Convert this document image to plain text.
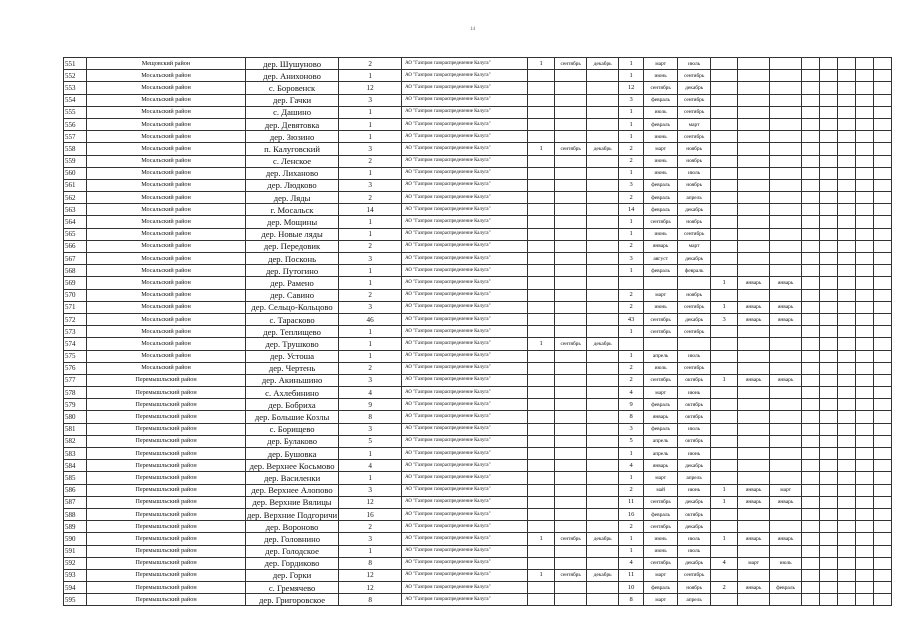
14
551	Мещовский район	дер. Шушуново	2	АО "Газпром газораспределение Калуга"	1	сентябрь	декабрь	1	март	июль								
552	Мосальский район	дер. Анихоново	1	АО "Газпром газораспределение Калуга"				1	июнь	сентябрь								
553	Мосальский район	с. Боровенск	12	АО "Газпром газораспределение Калуга"				12	сентябрь	декабрь								
554	Мосальский район	дер. Гачки	3	АО "Газпром газораспределение Калуга"				3	февраль	сентябрь								
555	Мосальский район	с. Дашино	1	АО "Газпром газораспределение Калуга"				1	июль	сентябрь								
556	Мосальский район	дер. Девятовка	1	АО "Газпром газораспределение Калуга"				1	февраль	март								
557	Мосальский район	дер. Зюзино	1	АО "Газпром газораспределение Калуга"				1	июнь	сентябрь								
558	Мосальский район	п. Калуговский	3	АО "Газпром газораспределение Калуга"	1	сентябрь	декабрь	2	март	ноябрь								
559	Мосальский район	с. Ленское	2	АО "Газпром газораспределение Калуга"				2	июнь	ноябрь								
560	Мосальский район	дер. Лиханово	1	АО "Газпром газораспределение Калуга"				1	июнь	июль								
561	Мосальский район	дер. Людково	3	АО "Газпром газораспределение Калуга"				3	февраль	ноябрь								
562	Мосальский район	дер. Ляды	2	АО "Газпром газораспределение Калуга"				2	февраль	апрель								
563	Мосальский район	г. Мосальск	14	АО "Газпром газораспределение Калуга"				14	февраль	декабрь								
564	Мосальский район	дер. Мощины	1	АО "Газпром газораспределение Калуга"				1	сентябрь	ноябрь								
565	Мосальский район	дер. Новые ляды	1	АО "Газпром газораспределение Калуга"				1	июнь	сентябрь								
566	Мосальский район	дер. Передовик	2	АО "Газпром газораспределение Калуга"				2	январь	март								
567	Мосальский район	дер. Посконь	3	АО "Газпром газораспределение Калуга"				3	август	декабрь								
568	Мосальский район	дер. Путогино	1	АО "Газпром газораспределение Калуга"				1	февраль	февраль								
569	Мосальский район	дер. Рамено	1	АО "Газпром газораспределение Калуга"							1	январь	январь					
570	Мосальский район	дер. Савино	2	АО "Газпром газораспределение Калуга"				2	март	ноябрь								
571	Мосальский район	дер. Сельцо-Кольцово	3	АО "Газпром газораспределение Калуга"				2	июнь	сентябрь	1	январь	январь					
572	Мосальский район	с. Тарасково	46	АО "Газпром газораспределение Калуга"				43	сентябрь	декабрь	3	январь	январь					
573	Мосальский район	дер. Теплищево	1	АО "Газпром газораспределение Калуга"				1	сентябрь	сентябрь								
574	Мосальский район	дер. Трушково	1	АО "Газпром газораспределение Калуга"	1	сентябрь	декабрь											
575	Мосальский район	дер. Устоша	1	АО "Газпром газораспределение Калуга"				1	апрель	июль								
576	Мосальский район	дер. Чертень	2	АО "Газпром газораспределение Калуга"				2	июль	сентябрь								
577	Перемышльский район	дер. Акиньшино	3	АО "Газпром газораспределение Калуга"				2	сентябрь	октябрь	1	январь	январь					
578	Перемышльский район	с. Ахлебинино	4	АО "Газпром газораспределение Калуга"				4	март	июнь								
579	Перемышльский район	дер. Бобриха	9	АО "Газпром газораспределение Калуга"				9	февраль	октябрь								
580	Перемышльский район	дер. Большие Козлы	8	АО "Газпром газораспределение Калуга"				8	январь	октябрь								
581	Перемышльский район	с. Борищево	3	АО "Газпром газораспределение Калуга"				3	февраль	июль								
582	Перемышльский район	дер. Булаково	5	АО "Газпром газораспределение Калуга"				5	апрель	октябрь								
583	Перемышльский район	дер. Бушовка	1	АО "Газпром газораспределение Калуга"				1	апрель	июнь								
584	Перемышльский район	дер. Верхнее Косьмово	4	АО "Газпром газораспределение Калуга"				4	январь	декабрь								
585	Перемышльский район	дер. Василенки	1	АО "Газпром газораспределение Калуга"				1	март	апрель								
586	Перемышльский район	дер. Верхнее Алопово	3	АО "Газпром газораспределение Калуга"				2	май	июнь	1	январь	март					
587	Перемышльский район	дер. Верхние Вялицы	12	АО "Газпром газораспределение Калуга"				11	сентябрь	декабрь	1	январь	январь					
588	Перемышльский район	дер. Верхние Подгоричи	16	АО "Газпром газораспределение Калуга"				16	февраль	октябрь								
589	Перемышльский район	дер. Вороново	2	АО "Газпром газораспределение Калуга"				2	сентябрь	декабрь								
590	Перемышльский район	дер. Головнино	3	АО "Газпром газораспределение Калуга"	1	сентябрь	декабрь	1	июнь	июль	1	январь	январь					
591	Перемышльский район	дер. Голодское	1	АО "Газпром газораспределение Калуга"				1	июнь	июль								
592	Перемышльский район	дер. Гордиково	8	АО "Газпром газораспределение Калуга"				4	сентябрь	декабрь	4	март	июль					
593	Перемышльский район	дер. Горки	12	АО "Газпром газораспределение Калуга"	1	сентябрь	декабрь	11	март	сентябрь								
594	Перемышльский район	с. Гремячево	12	АО "Газпром газораспределение Калуга"				10	февраль	ноябрь	2	январь	февраль					
595	Перемышльский район	дер. Григоровское	8	АО "Газпром газораспределение Калуга"				8	март	апрель								
